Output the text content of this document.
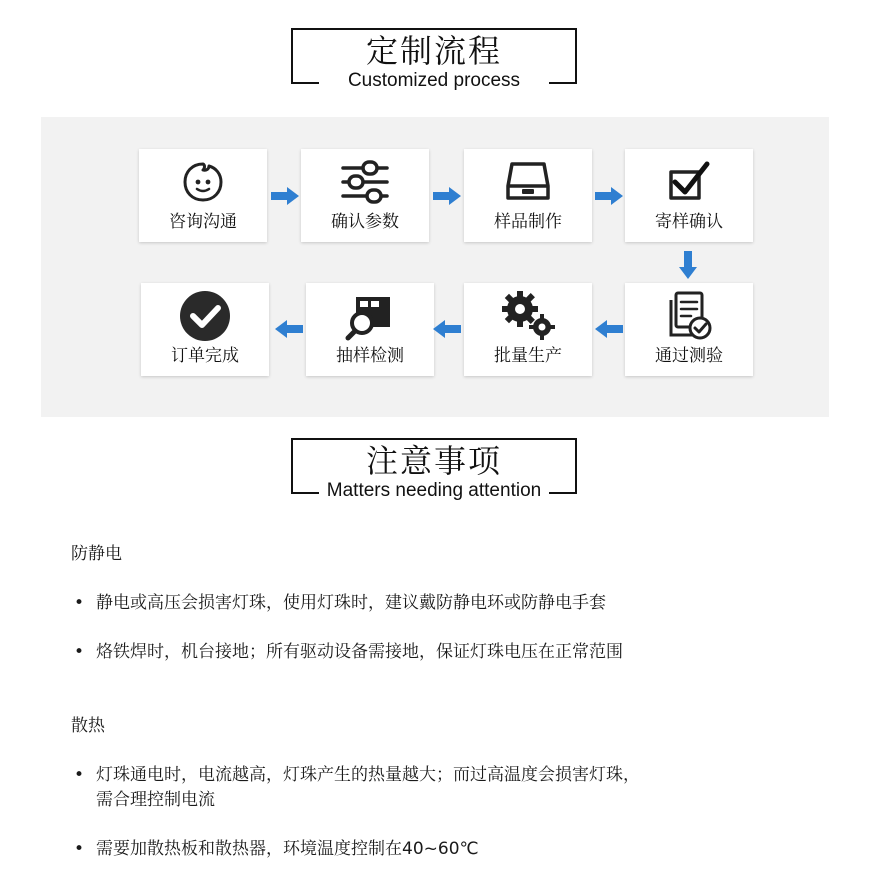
定制流程
Customized process
咨询沟通	确认参数	样品制作	寄样确认
订单完成	抽样检测	批量生产	通过测验
注意事项
Matters needing attention
防静电
• 静电或高压会损害灯珠，使用灯珠时，建议戴防静电环或防静电手套
• 烙铁焊时，机台接地；所有驱动设备需接地，保证灯珠电压在正常范围
散热
• 灯珠通电时，电流越高，灯珠产生的热量越大；而过高温度会损害灯珠，
需合理控制电流
• 需要加散热板和散热器，环境温度控制在40~60℃
